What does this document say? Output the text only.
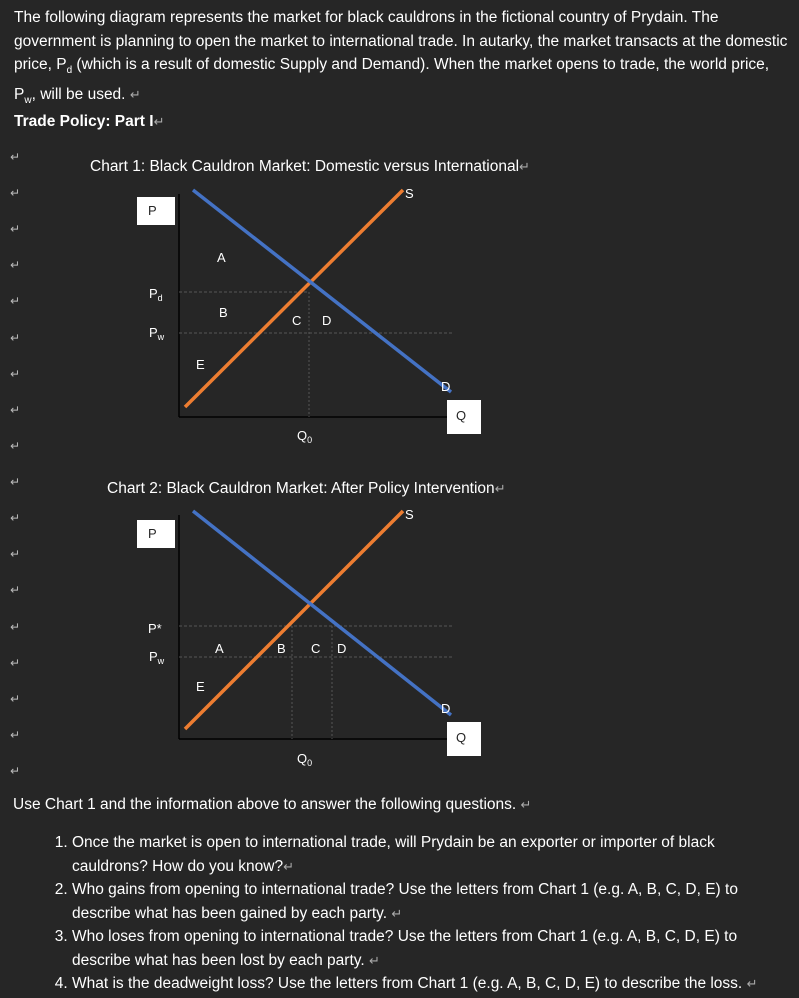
↵
↵
↵
↵
↵
↵
↵
↵
↵
↵
↵
↵
↵
↵
↵
↵
↵
↵

The following diagram represents the market for black cauldrons in the fictional country of Prydain. The government is planning to open the market to international trade. In autarky, the market transacts at the domestic price, $P_d$ (which is a result of domestic Supply and Demand). When the market opens to trade, the world price, $P_w$, will be used. ↵

Trade Policy: Part I↵

Chart 1: Black Cauldron Market: Domestic versus International↵
P
$P_d$
$P_w$
A
B
C D
E
S
D
Q
$Q_0$
Chart 2: Black Cauldron Market: After Policy Intervention↵
P
P*
$P_w$
A	B C D
E
S
D
Q
$Q_0$
Use Chart 1 and the information above to answer the following questions. ↵
1. Once the market is open to international trade, will Prydain be an exporter or importer of black cauldrons? How do you know?↵
2. Who gains from opening to international trade? Use the letters from Chart 1 (e.g. A, B, C, D, E) to describe what has been gained by each party. ↵
3. Who loses from opening to international trade? Use the letters from Chart 1 (e.g. A, B, C, D, E) to describe what has been lost by each party. ↵
4. What is the deadweight loss? Use the letters from Chart 1 (e.g. A, B, C, D, E) to describe the loss. ↵
